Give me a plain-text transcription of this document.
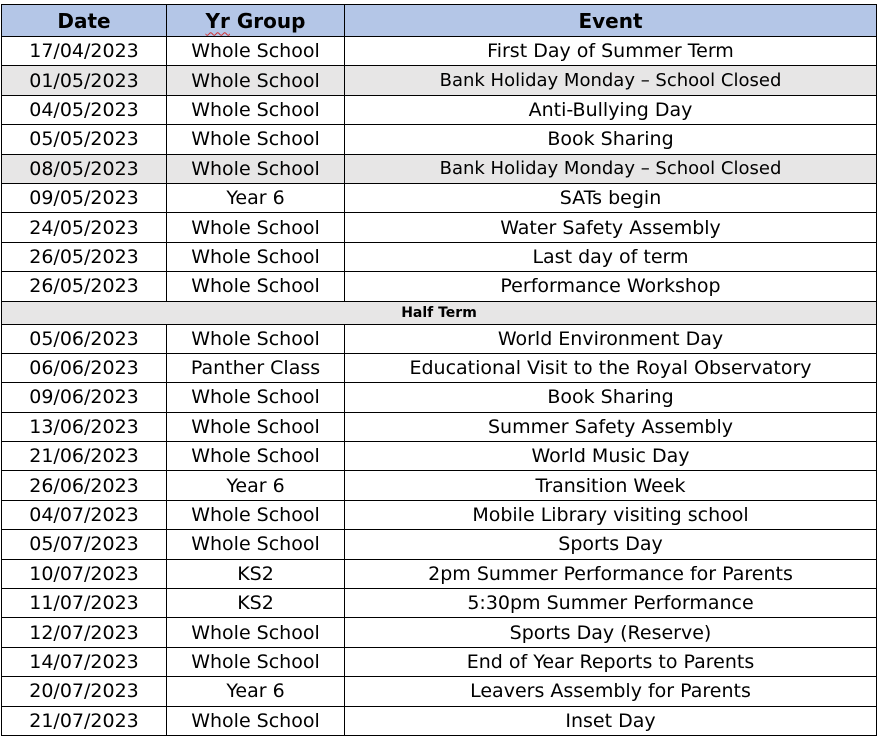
Date	Yr Group	Event
17/04/2023	Whole School	First Day of Summer Term
01/05/2023	Whole School	Bank Holiday Monday – School Closed
04/05/2023	Whole School	Anti-Bullying Day
05/05/2023	Whole School	Book Sharing
08/05/2023	Whole School	Bank Holiday Monday – School Closed
09/05/2023	Year 6	SATs begin
24/05/2023	Whole School	Water Safety Assembly
26/05/2023	Whole School	Last day of term
26/05/2023	Whole School	Performance Workshop
Half Term		
05/06/2023	Whole School	World Environment Day
06/06/2023	Panther Class	Educational Visit to the Royal Observatory
09/06/2023	Whole School	Book Sharing
13/06/2023	Whole School	Summer Safety Assembly
21/06/2023	Whole School	World Music Day
26/06/2023	Year 6	Transition Week
04/07/2023	Whole School	Mobile Library visiting school
05/07/2023	Whole School	Sports Day
10/07/2023	KS2	2pm Summer Performance for Parents
11/07/2023	KS2	5:30pm Summer Performance
12/07/2023	Whole School	Sports Day (Reserve)
14/07/2023	Whole School	End of Year Reports to Parents
20/07/2023	Year 6	Leavers Assembly for Parents
21/07/2023	Whole School	Inset Day
